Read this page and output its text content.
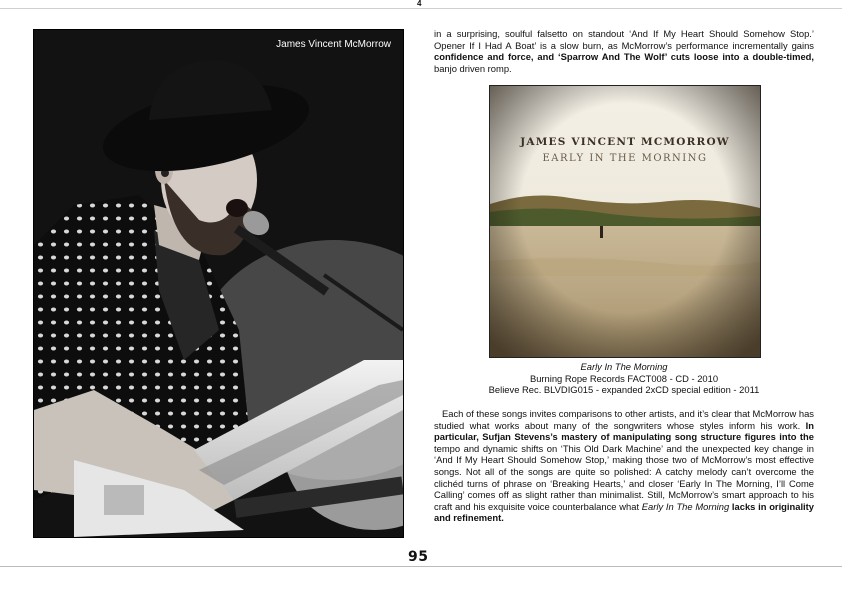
4
James Vincent McMorrow
in a surprising, soulful falsetto on standout ‘And If My Heart Should Somehow Stop.’ Opener If I Had A Boat’ is a slow burn, as McMorrow’s performance incrementally gains confidence and force, and ‘Sparrow And The Wolf’ cuts loose into a double-timed, banjo driven romp.
JAMES VINCENT MCMORROW
EARLY IN THE MORNING
Early In The Morning
Burning Rope Records FACT008 - CD - 2010
Believe Rec. BLVDIG015 - expanded 2xCD special edition - 2011
Each of these songs invites comparisons to other artists, and it’s clear that McMorrow has studied what works about many of the songwriters whose styles inform his work. In particular, Sufjan Stevens’s mastery of manipulating song structure figures into the tempo and dynamic shifts on ‘This Old Dark Machine’ and the unexpected key change in ‘And If My Heart Should Somehow Stop,’ making those two of McMorrow’s most effective songs. Not all of the songs are quite so polished: A catchy melody can’t overcome the clichéd turns of phrase on ‘Breaking Hearts,’ and closer ‘Early In The Morning, I’ll Come Calling’ comes off as slight rather than minimalist. Still, McMorrow’s smart approach to his craft and his exquisite voice counterbalance what Early In The Morning lacks in originality and refinement.
95
